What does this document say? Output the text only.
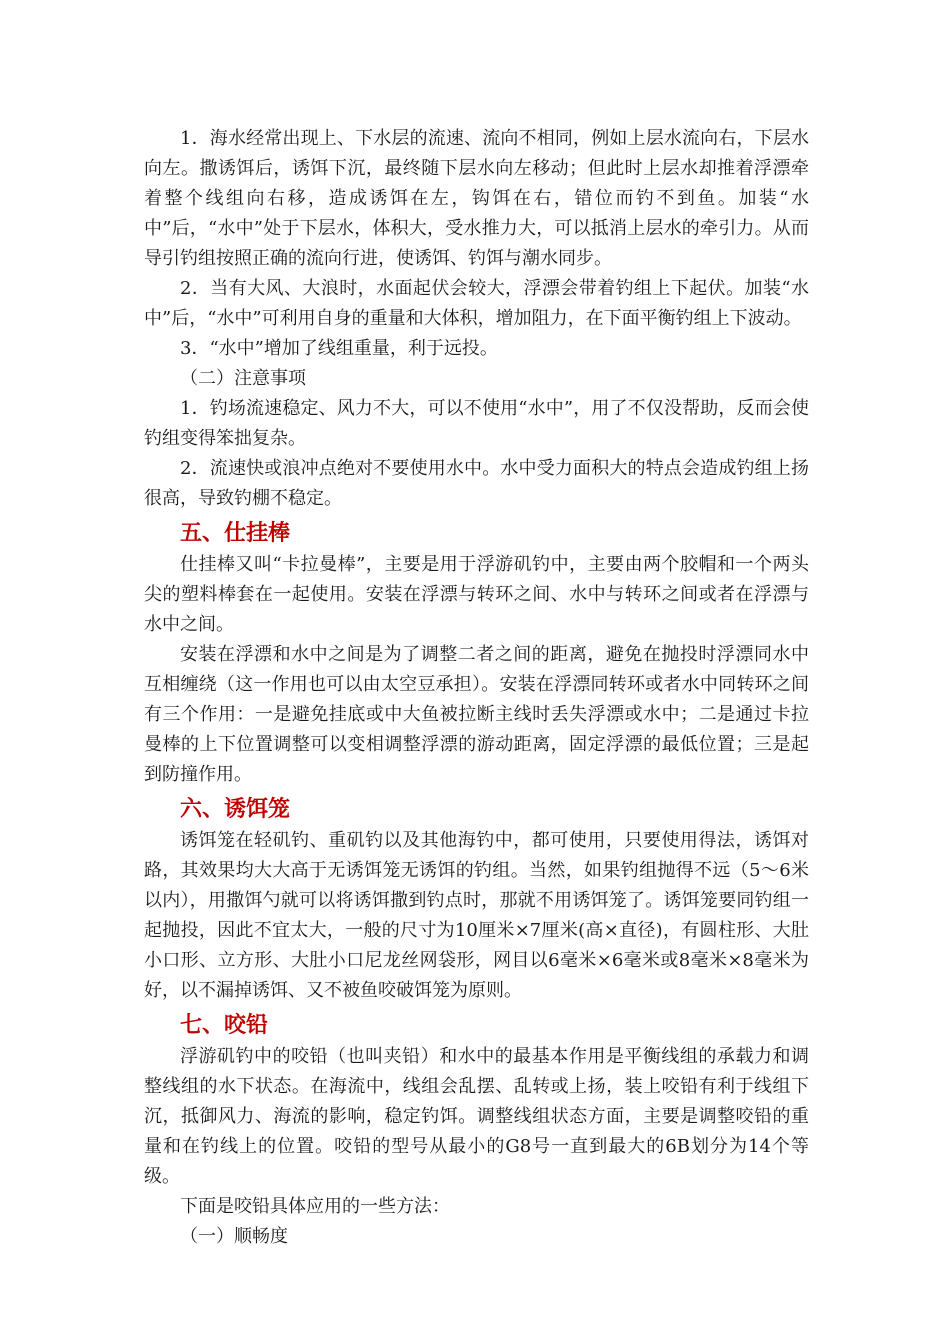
1．海水经常出现上、下水层的流速、流向不相同，例如上层水流向右，下层水向左。撒诱饵后，诱饵下沉，最终随下层水向左移动；但此时上层水却推着浮漂牵着整个线组向右移，造成诱饵在左，钩饵在右，错位而钓不到鱼。加装“水中”后，“水中”处于下层水，体积大，受水推力大，可以抵消上层水的牵引力。从而导引钓组按照正确的流向行进，使诱饵、钓饵与潮水同步。

2．当有大风、大浪时，水面起伏会较大，浮漂会带着钓组上下起伏。加装“水中”后，“水中”可利用自身的重量和大体积，增加阻力，在下面平衡钓组上下波动。

3．“水中”增加了线组重量，利于远投。

（二）注意事项

1．钓场流速稳定、风力不大，可以不使用“水中”，用了不仅没帮助，反而会使钓组变得笨拙复杂。

2．流速快或浪冲点绝对不要使用水中。水中受力面积大的特点会造成钓组上扬很高，导致钓棚不稳定。

五、仕挂棒

仕挂棒又叫“卡拉曼棒”，主要是用于浮游矶钓中，主要由两个胶帽和一个两头尖的塑料棒套在一起使用。安装在浮漂与转环之间、水中与转环之间或者在浮漂与水中之间。

安装在浮漂和水中之间是为了调整二者之间的距离，避免在抛投时浮漂同水中互相缠绕（这一作用也可以由太空豆承担）。安装在浮漂同转环或者水中同转环之间有三个作用：一是避免挂底或中大鱼被拉断主线时丢失浮漂或水中；二是通过卡拉曼棒的上下位置调整可以变相调整浮漂的游动距离，固定浮漂的最低位置；三是起到防撞作用。

六、诱饵笼

诱饵笼在轻矶钓、重矶钓以及其他海钓中，都可使用，只要使用得法，诱饵对路，其效果均大大高于无诱饵笼无诱饵的钓组。当然，如果钓组抛得不远（5～6米以内），用撒饵勺就可以将诱饵撒到钓点时，那就不用诱饵笼了。诱饵笼要同钓组一起抛投，因此不宜太大，一般的尺寸为10厘米×7厘米(高×直径)，有圆柱形、大肚小口形、立方形、大肚小口尼龙丝网袋形，网目以6毫米×6毫米或8毫米×8毫米为好，以不漏掉诱饵、又不被鱼咬破饵笼为原则。

七、咬铅

浮游矶钓中的咬铅（也叫夹铅）和水中的最基本作用是平衡线组的承载力和调整线组的水下状态。在海流中，线组会乱摆、乱转或上扬，装上咬铅有利于线组下沉，抵御风力、海流的影响，稳定钓饵。调整线组状态方面，主要是调整咬铅的重量和在钓线上的位置。咬铅的型号从最小的G8号一直到最大的6B划分为14个等级。

下面是咬铅具体应用的一些方法：

（一）顺畅度
